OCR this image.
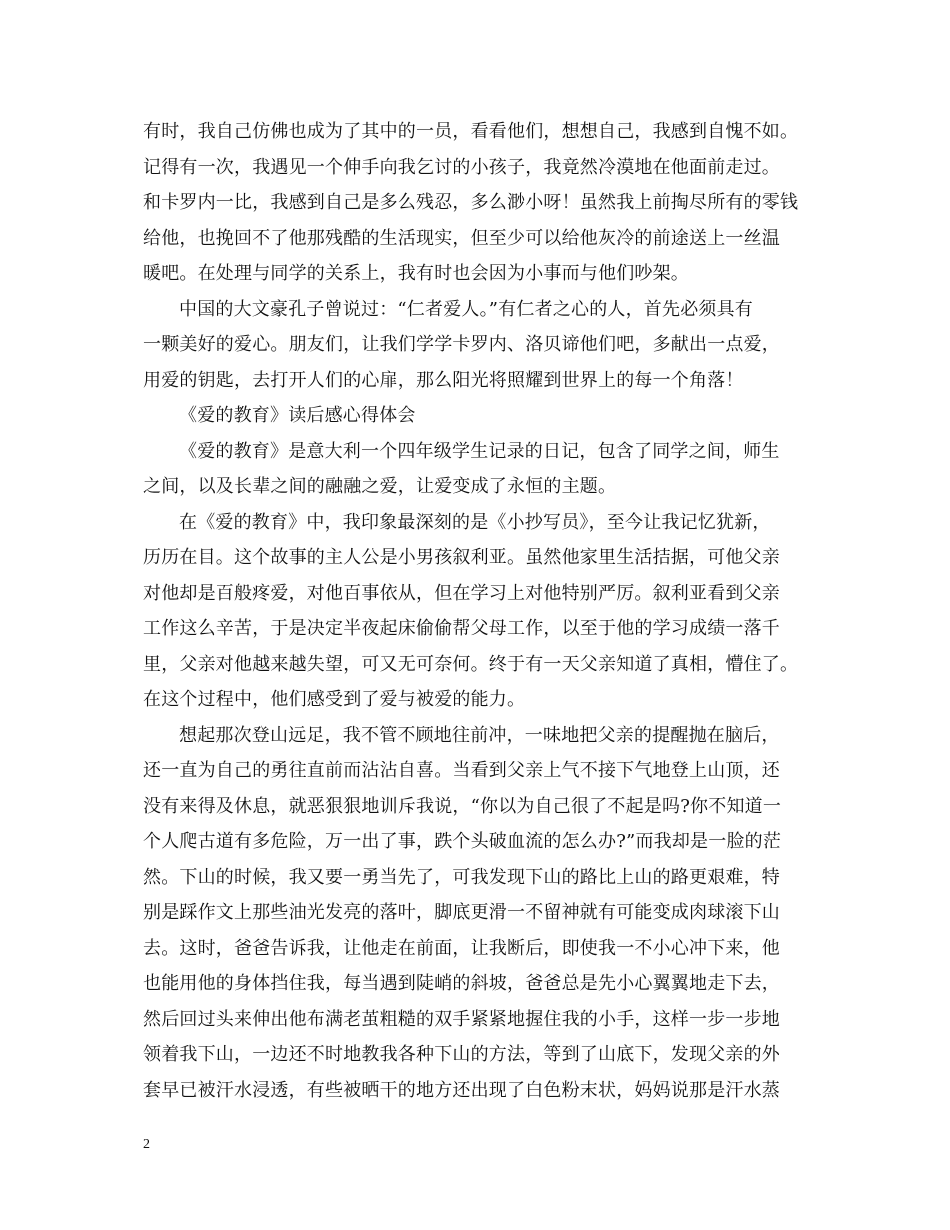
有时，我自己仿佛也成为了其中的一员，看看他们，想想自己，我感到自愧不如。
记得有一次，我遇见一个伸手向我乞讨的小孩子，我竟然冷漠地在他面前走过。
和卡罗内一比，我感到自己是多么残忍，多么渺小呀！虽然我上前掏尽所有的零钱
给他，也挽回不了他那残酷的生活现实，但至少可以给他灰冷的前途送上一丝温
暖吧。在处理与同学的关系上，我有时也会因为小事而与他们吵架。
中国的大文豪孔子曾说过：“仁者爱人。”有仁者之心的人，首先必须具有
一颗美好的爱心。朋友们，让我们学学卡罗内、洛贝谛他们吧，多献出一点爱，
用爱的钥匙，去打开人们的心扉，那么阳光将照耀到世界上的每一个角落！
《爱的教育》读后感心得体会
《爱的教育》是意大利一个四年级学生记录的日记，包含了同学之间，师生
之间，以及长辈之间的融融之爱，让爱变成了永恒的主题。
在《爱的教育》中，我印象最深刻的是《小抄写员》，至今让我记忆犹新，
历历在目。这个故事的主人公是小男孩叙利亚。虽然他家里生活拮据，可他父亲
对他却是百般疼爱，对他百事依从，但在学习上对他特别严厉。叙利亚看到父亲
工作这么辛苦，于是决定半夜起床偷偷帮父母工作，以至于他的学习成绩一落千
里，父亲对他越来越失望，可又无可奈何。终于有一天父亲知道了真相，懵住了。
在这个过程中，他们感受到了爱与被爱的能力。
想起那次登山远足，我不管不顾地往前冲，一味地把父亲的提醒抛在脑后，
还一直为自己的勇往直前而沾沾自喜。当看到父亲上气不接下气地登上山顶，还
没有来得及休息，就恶狠狠地训斥我说，“你以为自己很了不起是吗?你不知道一
个人爬古道有多危险，万一出了事，跌个头破血流的怎么办?”而我却是一脸的茫
然。下山的时候，我又要一勇当先了，可我发现下山的路比上山的路更艰难，特
别是踩作文上那些油光发亮的落叶，脚底更滑一不留神就有可能变成肉球滚下山
去。这时，爸爸告诉我，让他走在前面，让我断后，即使我一不小心冲下来，他
也能用他的身体挡住我，每当遇到陡峭的斜坡，爸爸总是先小心翼翼地走下去，
然后回过头来伸出他布满老茧粗糙的双手紧紧地握住我的小手，这样一步一步地
领着我下山，一边还不时地教我各种下山的方法，等到了山底下，发现父亲的外
套早已被汗水浸透，有些被晒干的地方还出现了白色粉末状，妈妈说那是汗水蒸
2
